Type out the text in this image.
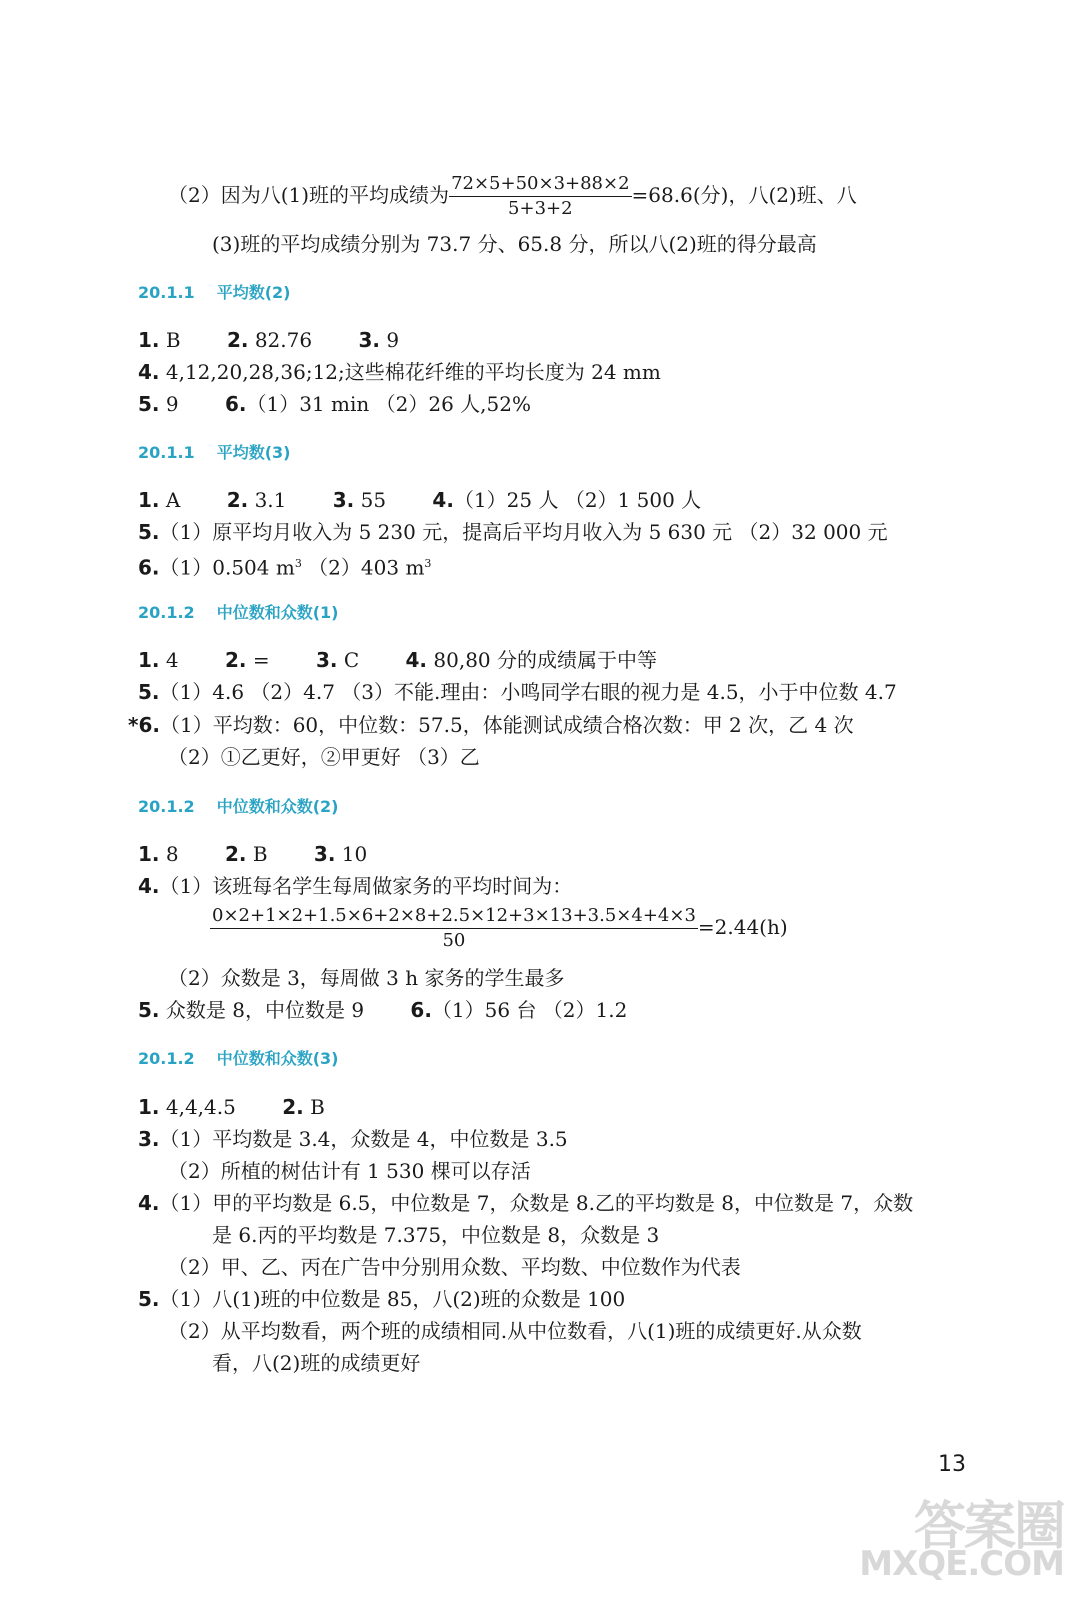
（2）因为八(1)班的平均成绩为 $\frac{72\times 5+50\times 3+88\times 2}{5+3+2} =68.6$(分)，八(2)班、八
(3)班的平均成绩分别为 73.7 分、65.8 分，所以八(2)班的得分最高
20.1.1 平均数(2)
1. B 2. 82.76 3. 9
4. 4,12,20,28,36;12;这些棉花纤维的平均长度为 24 mm
5. 9 6.（1）31 min （2）26 人,52%
20.1.1 平均数(3)
1. A 2. 3.1 3. 55 4.（1）25 人 （2）1 500 人
5.（1）原平均月收入为 5 230 元，提高后平均月收入为 5 630 元 （2）32 000 元
6.（1）0.504 $m^3$ （2）403 $m^3$
20.1.2 中位数和众数(1)
1. 4 2. = 3. C 4. 80,80 分的成绩属于中等
5.（1）4.6 （2）4.7 （3）不能.理由：小鸣同学右眼的视力是 4.5，小于中位数 4.7
*6.（1）平均数：60，中位数：57.5，体能测试成绩合格次数：甲 2 次，乙 4 次
（2）①乙更好，②甲更好 （3）乙
20.1.2 中位数和众数(2)
1. 8 2. B 3. 10
4.（1）该班每名学生每周做家务的平均时间为：
$\frac{0\times 2+1\times 2+1.5\times 6+2\times 8+2.5\times 12+3\times 13+3.5\times 4+4\times 3}{50} =2.44(h)$
（2）众数是 3，每周做 3 h 家务的学生最多
5. 众数是 8，中位数是 9 6.（1）56 台 （2）1.2
20.1.2 中位数和众数(3)
1. 4,4,4.5 2. B
3.（1）平均数是 3.4，众数是 4，中位数是 3.5
（2）所植的树估计有 1 530 棵可以存活
4.（1）甲的平均数是 6.5，中位数是 7，众数是 8.乙的平均数是 8，中位数是 7，众数
是 6.丙的平均数是 7.375，中位数是 8，众数是 3
（2）甲、乙、丙在广告中分别用众数、平均数、中位数作为代表
5.（1）八(1)班的中位数是 85，八(2)班的众数是 100
（2）从平均数看，两个班的成绩相同.从中位数看，八(1)班的成绩更好.从众数
看，八(2)班的成绩更好
13
答案圈
MXQE.COM
